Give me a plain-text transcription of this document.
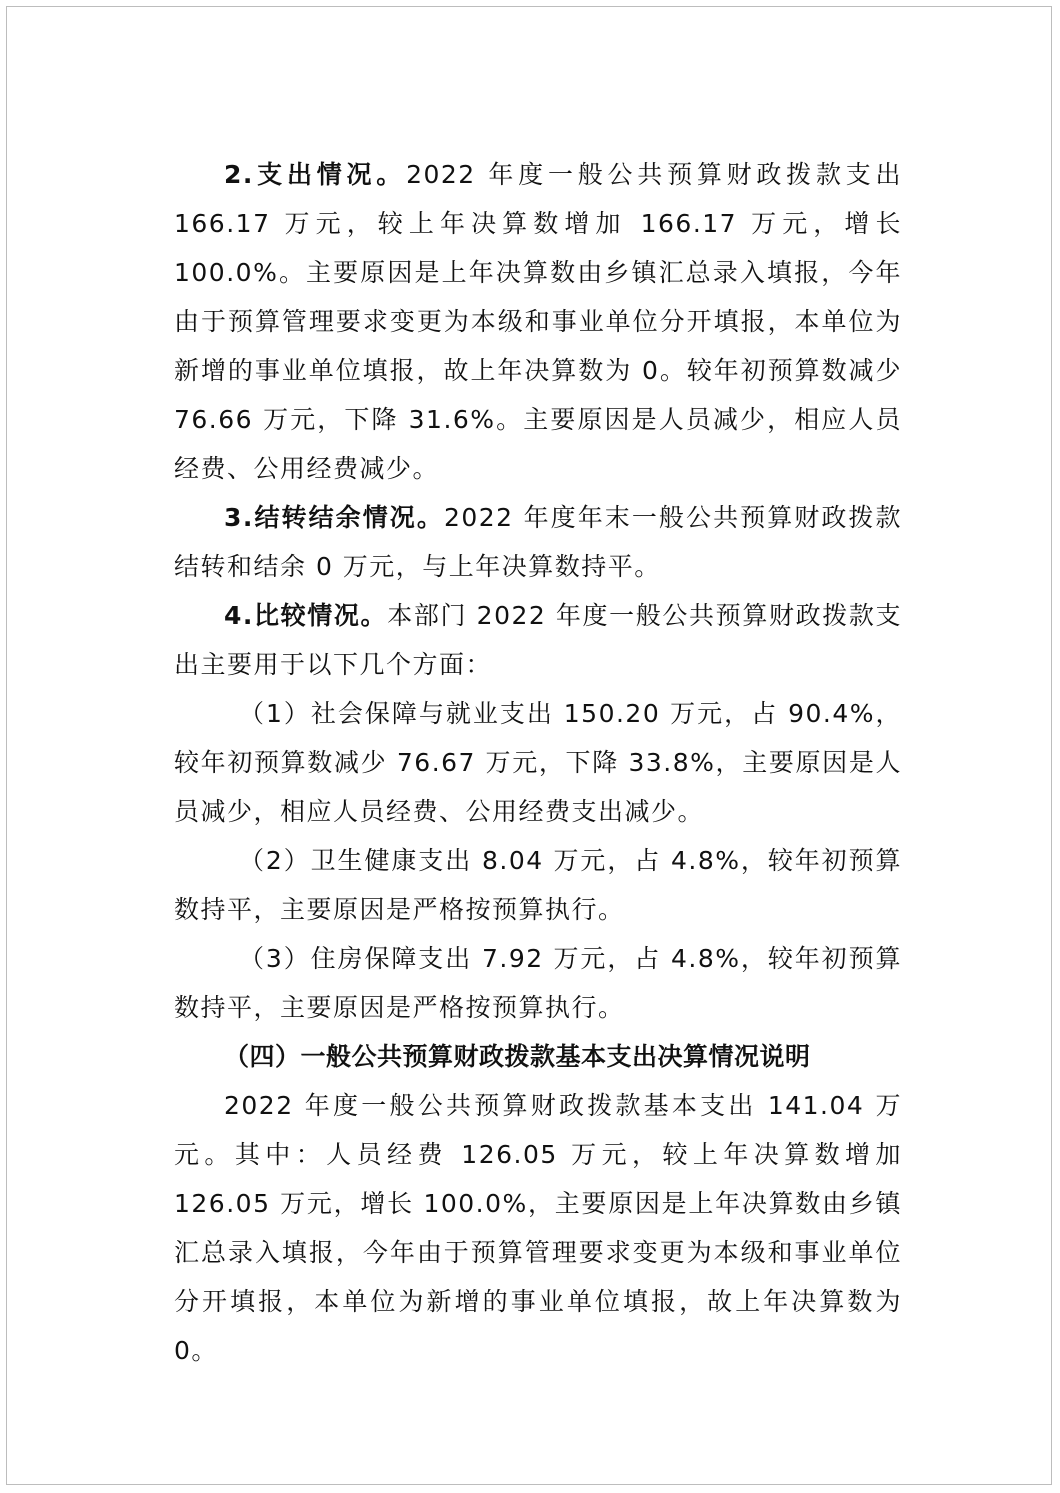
2.支出情况。2022 年度一般公共预算财政拨款支出166.17 万元，较上年决算数增加 166.17 万元，增长 100.0%。主要原因是上年决算数由乡镇汇总录入填报，今年由于预算管理要求变更为本级和事业单位分开填报，本单位为新增的事业单位填报，故上年决算数为 0。较年初预算数减少76.66 万元，下降 31.6%。主要原因是人员减少，相应人员经费、公用经费减少。

3.结转结余情况。2022 年度年末一般公共预算财政拨款结转和结余 0 万元，与上年决算数持平。

4.比较情况。本部门 2022 年度一般公共预算财政拨款支出主要用于以下几个方面：

（1）社会保障与就业支出 150.20 万元，占 90.4%，较年初预算数减少 76.67 万元，下降 33.8%，主要原因是人员减少，相应人员经费、公用经费支出减少。

（2）卫生健康支出 8.04 万元，占 4.8%，较年初预算数持平，主要原因是严格按预算执行。

（3）住房保障支出 7.92 万元，占 4.8%，较年初预算数持平，主要原因是严格按预算执行。

（四）一般公共预算财政拨款基本支出决算情况说明

2022 年度一般公共预算财政拨款基本支出 141.04 万元。其中：人员经费 126.05 万元，较上年决算数增加 126.05 万元，增长 100.0%，主要原因是上年决算数由乡镇汇总录入填报，今年由于预算管理要求变更为本级和事业单位分开填报，本单位为新增的事业单位填报，故上年决算数为 0。
